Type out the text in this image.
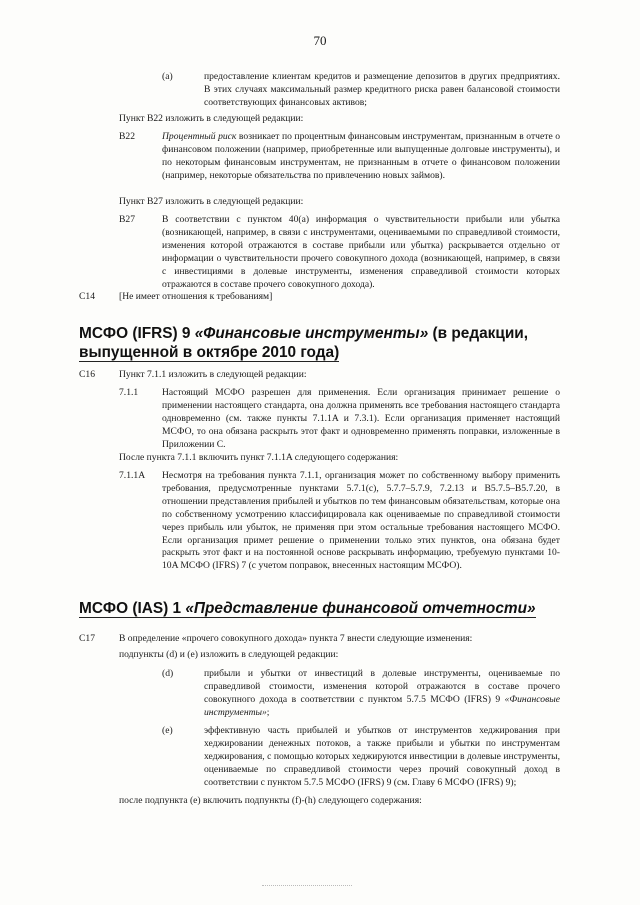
70
(a)	предоставление клиентам кредитов и размещение депозитов в других предприятиях. В этих случаях максимальный размер кредитного риска равен балансовой стоимости соответствующих финансовых активов;
Пункт B22 изложить в следующей редакции:
B22	Процентный риск возникает по процентным финансовым инструментам, признанным в отчете о финансовом положении (например, приобретенные или выпущенные долговые инструменты), и по некоторым финансовым инструментам, не признанным в отчете о финансовом положении (например, некоторые обязательства по привлечению новых займов).
Пункт B27 изложить в следующей редакции:
B27	В соответствии с пунктом 40(a) информация о чувствительности прибыли или убытка (возникающей, например, в связи с инструментами, оцениваемыми по справедливой стоимости, изменения которой отражаются в составе прибыли или убытка) раскрывается отдельно от информации о чувствительности прочего совокупного дохода (возникающей, например, в связи с инвестициями в долевые инструменты, изменения справедливой стоимости которых отражаются в составе прочего совокупного дохода).
C14	[Не имеет отношения к требованиям]
МСФО (IFRS) 9 «Финансовые инструменты» (в редакции,
выпущенной в октябре 2010 года)
C16	Пункт 7.1.1 изложить в следующей редакции:
7.1.1 Настоящий МСФО разрешен для применения. Если организация принимает решение о применении настоящего стандарта, она должна применять все требования настоящего стандарта одновременно (см. также пункты 7.1.1A и 7.3.1). Если организация применяет настоящий МСФО, то она обязана раскрыть этот факт и одновременно применять поправки, изложенные в Приложении C.
После пункта 7.1.1 включить пункт 7.1.1A следующего содержания:
7.1.1A Несмотря на требования пункта 7.1.1, организация может по собственному выбору применить требования, предусмотренные пунктами 5.7.1(c), 5.7.7–5.7.9, 7.2.13 и B5.7.5–B5.7.20, в отношении представления прибылей и убытков по тем финансовым обязательствам, которые она по собственному усмотрению классифицировала как оцениваемые по справедливой стоимости через прибыль или убыток, не применяя при этом остальные требования настоящего МСФО. Если организация примет решение о применении только этих пунктов, она обязана будет раскрыть этот факт и на постоянной основе раскрывать информацию, требуемую пунктами 10-10A МСФО (IFRS) 7 (с учетом поправок, внесенных настоящим МСФО).
МСФО (IAS) 1 «Представление финансовой отчетности»
C17	В определение «прочего совокупного дохода» пункта 7 внести следующие изменения:
подпункты (d) и (e) изложить в следующей редакции:
(d)	прибыли и убытки от инвестиций в долевые инструменты, оцениваемые по справедливой стоимости, изменения которой отражаются в составе прочего совокупного дохода в соответствии с пунктом 5.7.5 МСФО (IFRS) 9 «Финансовые инструменты»;
(e)	эффективную часть прибылей и убытков от инструментов хеджирования при хеджировании денежных потоков, а также прибыли и убытки по инструментам хеджирования, с помощью которых хеджируются инвестиции в долевые инструменты, оцениваемые по справедливой стоимости через прочий совокупный доход в соответствии с пунктом 5.7.5 МСФО (IFRS) 9 (см. Главу 6 МСФО (IFRS) 9);
после подпункта (e) включить подпункты (f)-(h) следующего содержания:
